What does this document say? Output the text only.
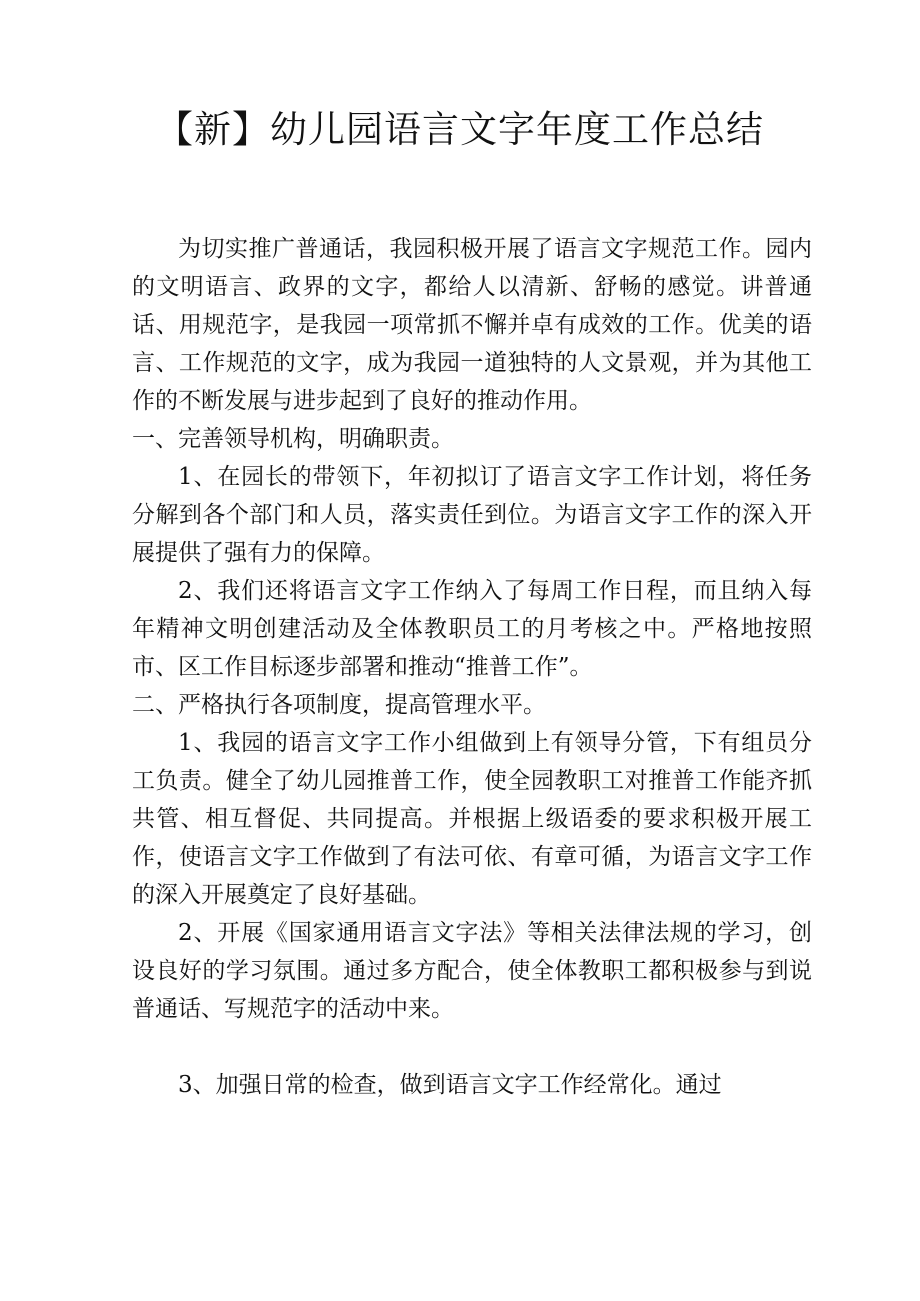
【新】幼儿园语言文字年度工作总结

为切实推广普通话，我园积极开展了语言文字规范工作。园内的文明语言、政界的文字，都给人以清新、舒畅的感觉。讲普通话、用规范字，是我园一项常抓不懈并卓有成效的工作。优美的语言、工作规范的文字，成为我园一道独特的人文景观，并为其他工作的不断发展与进步起到了良好的推动作用。

一、完善领导机构，明确职责。

1、在园长的带领下，年初拟订了语言文字工作计划，将任务分解到各个部门和人员，落实责任到位。为语言文字工作的深入开展提供了强有力的保障。

2、我们还将语言文字工作纳入了每周工作日程，而且纳入每年精神文明创建活动及全体教职员工的月考核之中。严格地按照市、区工作目标逐步部署和推动“推普工作”。

二、严格执行各项制度，提高管理水平。

1、我园的语言文字工作小组做到上有领导分管，下有组员分工负责。健全了幼儿园推普工作，使全园教职工对推普工作能齐抓共管、相互督促、共同提高。并根据上级语委的要求积极开展工作，使语言文字工作做到了有法可依、有章可循，为语言文字工作的深入开展奠定了良好基础。

2、开展《国家通用语言文字法》等相关法律法规的学习，创设良好的学习氛围。通过多方配合，使全体教职工都积极参与到说普通话、写规范字的活动中来。

3、加强日常的检查，做到语言文字工作经常化。通过
